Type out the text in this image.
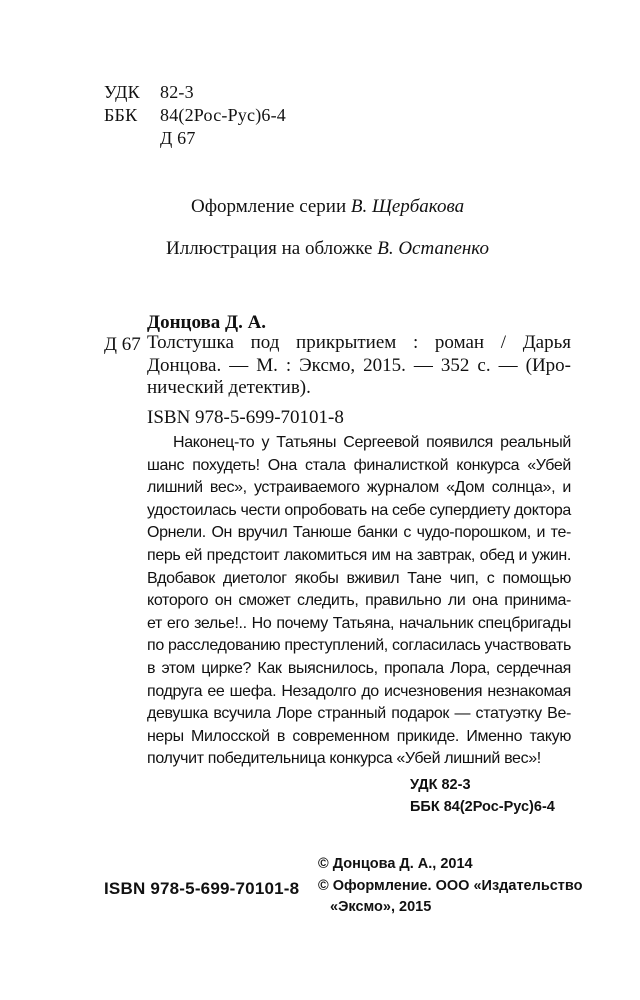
УДК 82-3
ББК 84(2Рос-Рус)6-4
Д 67
Оформление серии В. Щербакова
Иллюстрация на обложке В. Остапенко
Донцова Д. А.
Д 67 Толстушка под прикрытием : роман / Дарья
Донцова. — М. : Эксмо, 2015. — 352 с. — (Иро-
нический детектив).
ISBN 978-5-699-70101-8
Наконец-то у Татьяны Сергеевой появился реальный
шанс похудеть! Она стала финалисткой конкурса «Убей
лишний вес», устраиваемого журналом «Дом солнца», и
удостоилась чести опробовать на себе супердиету доктора
Орнели. Он вручил Танюше банки с чудо-порошком, и те-
перь ей предстоит лакомиться им на завтрак, обед и ужин.
Вдобавок диетолог якобы вживил Тане чип, с помощью
которого он сможет следить, правильно ли она принима-
ет его зелье!.. Но почему Татьяна, начальник спецбригады
по расследованию преступлений, согласилась участвовать
в этом цирке? Как выяснилось, пропала Лора, сердечная
подруга ее шефа. Незадолго до исчезновения незнакомая
девушка всучила Лоре странный подарок — статуэтку Ве-
неры Милосской в современном прикиде. Именно такую
получит победительница конкурса «Убей лишний вес»!
УДК 82-3
ББК 84(2Рос-Рус)6-4
© Донцова Д. А., 2014
© Оформление. ООО «Издательство
«Эксмо», 2015
ISBN 978-5-699-70101-8
